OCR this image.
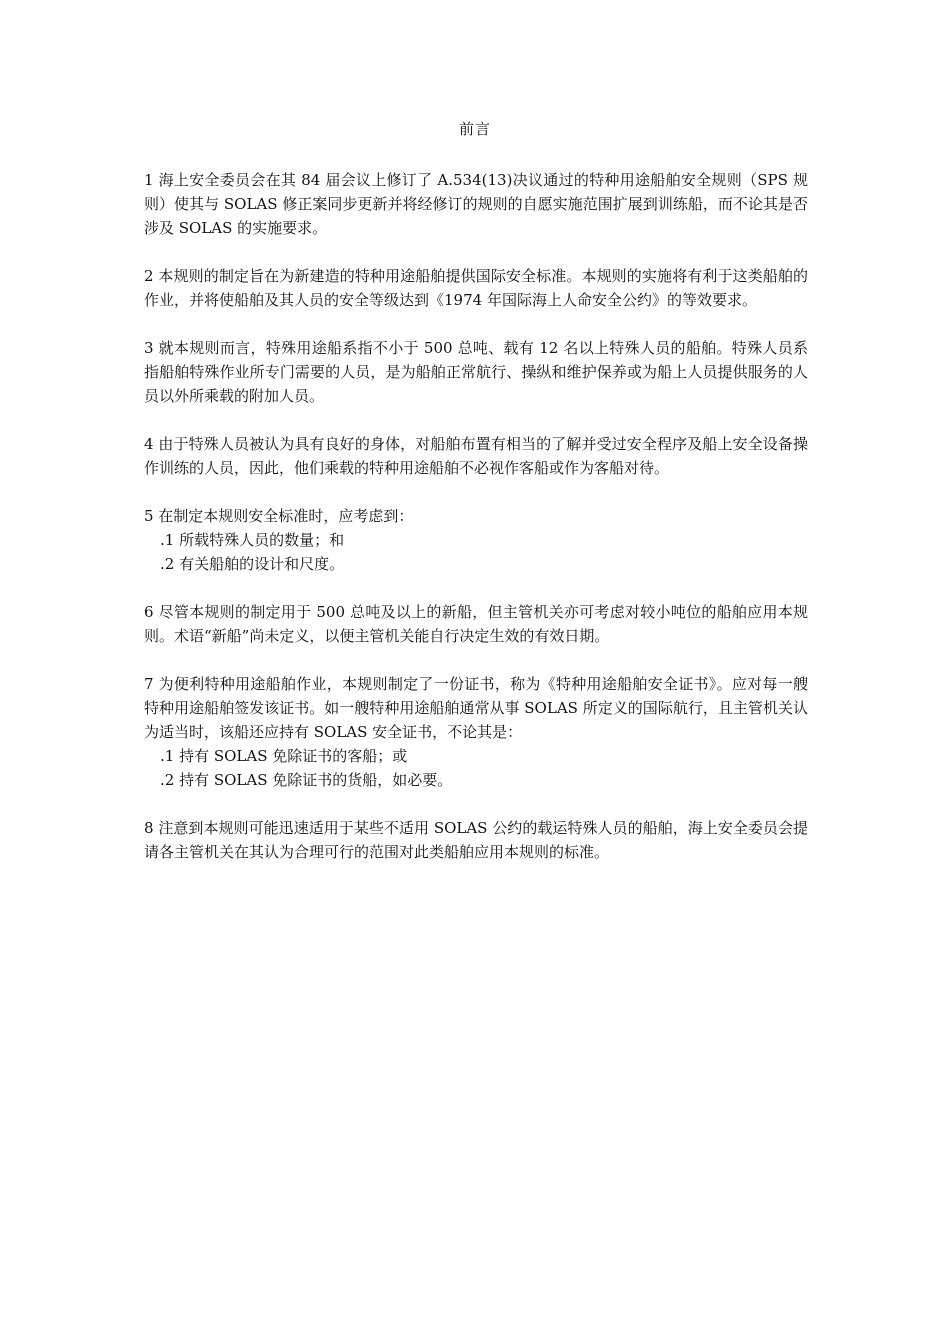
前言
1 海上安全委员会在其 84 届会议上修订了 A.534(13)决议通过的特种用途船舶安全规则（SPS 规则）使其与 SOLAS 修正案同步更新并将经修订的规则的自愿实施范围扩展到训练船，而不论其是否涉及 SOLAS 的实施要求。
2 本规则的制定旨在为新建造的特种用途船舶提供国际安全标准。本规则的实施将有利于这类船舶的作业，并将使船舶及其人员的安全等级达到《1974 年国际海上人命安全公约》的等效要求。
3 就本规则而言，特殊用途船系指不小于 500 总吨、载有 12 名以上特殊人员的船舶。特殊人员系指船舶特殊作业所专门需要的人员，是为船舶正常航行、操纵和维护保养或为船上人员提供服务的人员以外所乘载的附加人员。
4 由于特殊人员被认为具有良好的身体，对船舶布置有相当的了解并受过安全程序及船上安全设备操作训练的人员，因此，他们乘载的特种用途船舶不必视作客船或作为客船对待。
5 在制定本规则安全标准时，应考虑到：
.1 所载特殊人员的数量；和
.2 有关船舶的设计和尺度。
6 尽管本规则的制定用于 500 总吨及以上的新船，但主管机关亦可考虑对较小吨位的船舶应用本规则。术语“新船”尚未定义，以便主管机关能自行决定生效的有效日期。
7 为便利特种用途船舶作业，本规则制定了一份证书，称为《特种用途船舶安全证书》。应对每一艘特种用途船舶签发该证书。如一艘特种用途船舶通常从事 SOLAS 所定义的国际航行，且主管机关认为适当时，该船还应持有 SOLAS 安全证书，不论其是：
.1 持有 SOLAS 免除证书的客船；或
.2 持有 SOLAS 免除证书的货船，如必要。
8 注意到本规则可能迅速适用于某些不适用 SOLAS 公约的载运特殊人员的船舶，海上安全委员会提请各主管机关在其认为合理可行的范围对此类船舶应用本规则的标准。
